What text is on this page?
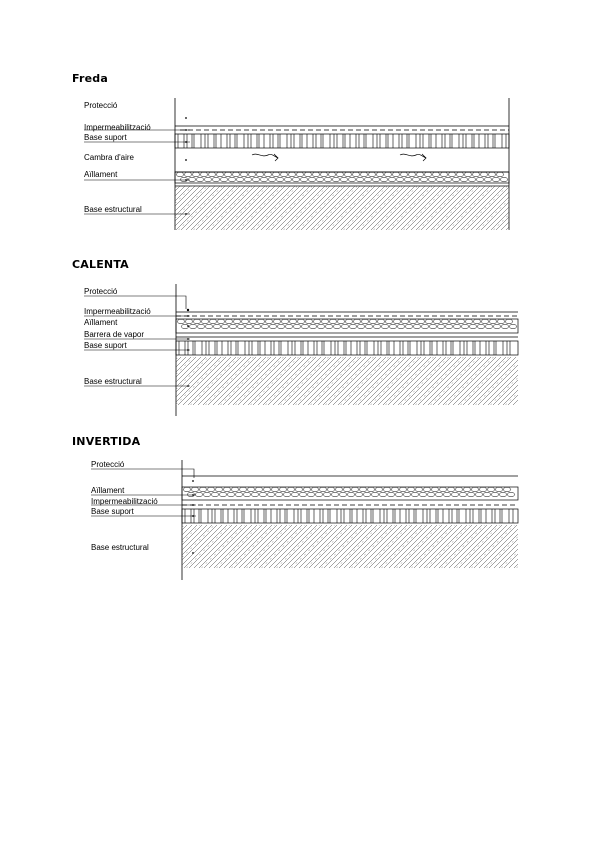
Freda
Protecció
Impermeabilització
Base suport
Cambra d'aire
Aïllament
Base estructural
CALENTA
Protecció
Impermeabilització
Aïllament
Barrera de vapor
Base suport
Base estructural
INVERTIDA
Protecció
Aïllament
Impermeabilització
Base suport
Base estructural
